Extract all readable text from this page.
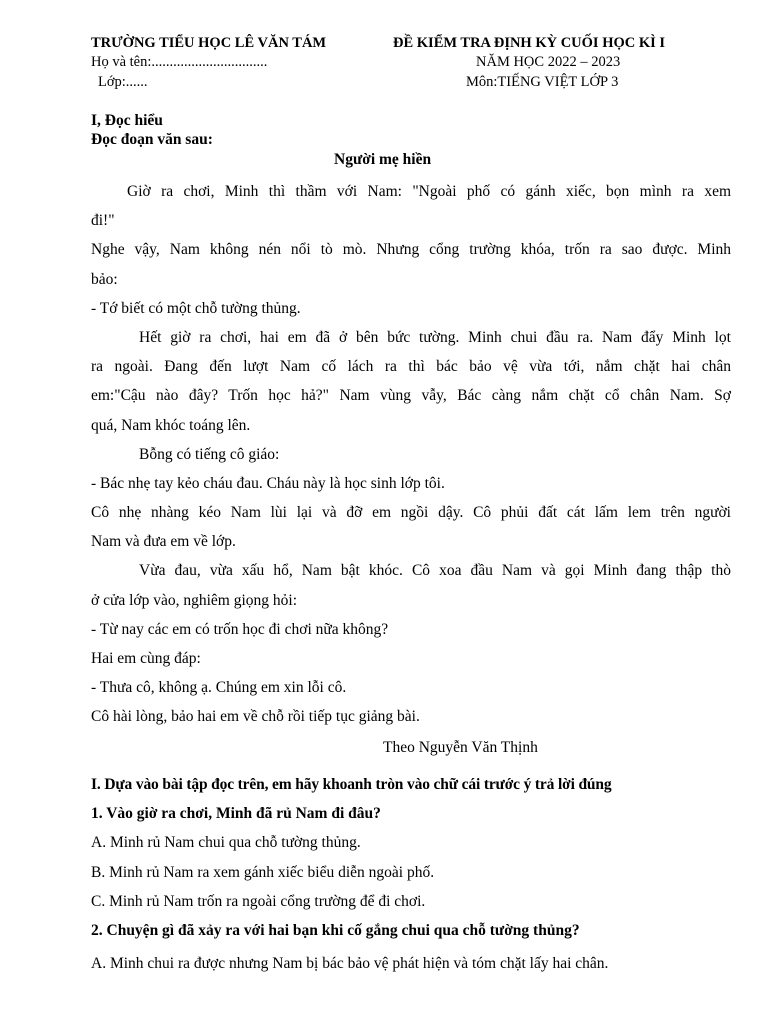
TRƯỜNG TIỂU HỌC LÊ VĂN TÁM	ĐỀ KIỂM TRA ĐỊNH KỲ CUỐI HỌC KÌ I
Họ và tên:................................	NĂM HỌC 2022 – 2023
Lớp:......	Môn:TIẾNG VIỆT LỚP 3
I, Đọc hiểu
Đọc đoạn văn sau:
Người mẹ hiền
Giờ ra chơi, Minh thì thầm với Nam: "Ngoài phố có gánh xiếc, bọn mình ra xem
đi!"
Nghe vậy, Nam không nén nổi tò mò. Nhưng cổng trường khóa, trốn ra sao được. Minh
bảo:
- Tớ biết có một chỗ tường thủng.
Hết giờ ra chơi, hai em đã ở bên bức tường. Minh chui đầu ra. Nam đẩy Minh lọt
ra ngoài. Đang đến lượt Nam cố lách ra thì bác bảo vệ vừa tới, nắm chặt hai chân
em:"Cậu nào đây? Trốn học hả?" Nam vùng vẫy, Bác càng nắm chặt cổ chân Nam. Sợ
quá, Nam khóc toáng lên.
Bỗng có tiếng cô giáo:
- Bác nhẹ tay kẻo cháu đau. Cháu này là học sinh lớp tôi.
Cô nhẹ nhàng kéo Nam lùi lại và đỡ em ngồi dậy. Cô phủi đất cát lấm lem trên người
Nam và đưa em về lớp.
Vừa đau, vừa xấu hổ, Nam bật khóc. Cô xoa đầu Nam và gọi Minh đang thập thò
ở cửa lớp vào, nghiêm giọng hỏi:
- Từ nay các em có trốn học đi chơi nữa không?
Hai em cùng đáp:
- Thưa cô, không ạ. Chúng em xin lỗi cô.
Cô hài lòng, bảo hai em về chỗ rồi tiếp tục giảng bài.
Theo Nguyễn Văn Thịnh
I. Dựa vào bài tập đọc trên, em hãy khoanh tròn vào chữ cái trước ý trả lời đúng
1. Vào giờ ra chơi, Minh đã rủ Nam đi đâu?
A. Minh rủ Nam chui qua chỗ tường thủng.
B. Minh rủ Nam ra xem gánh xiếc biểu diễn ngoài phố.
C. Minh rủ Nam trốn ra ngoài cổng trường để đi chơi.
2. Chuyện gì đã xảy ra với hai bạn khi cố gắng chui qua chỗ tường thủng?
A. Minh chui ra được nhưng Nam bị bác bảo vệ phát hiện và tóm chặt lấy hai chân.
